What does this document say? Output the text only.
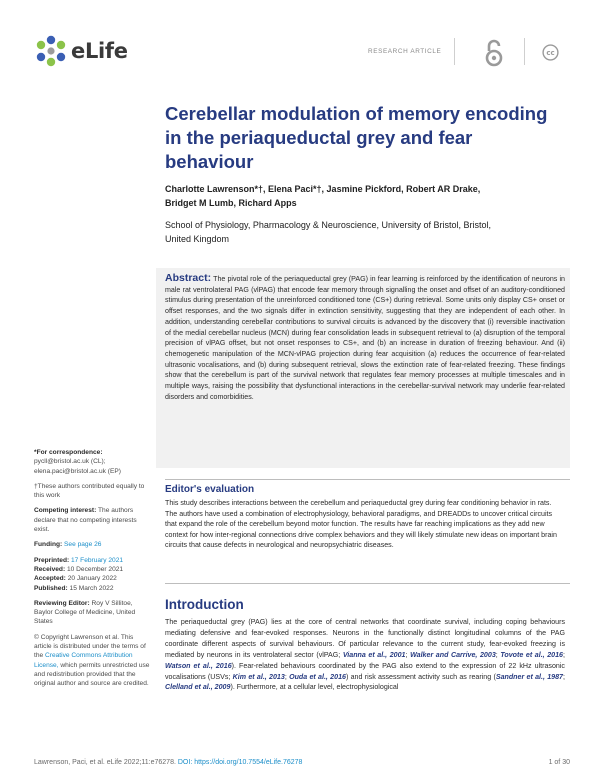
eLife	RESEARCH ARTICLE	cc
Cerebellar modulation of memory encoding in the periaqueductal grey and fear behaviour
Charlotte Lawrenson*†, Elena Paci*†, Jasmine Pickford, Robert AR Drake,
Bridget M Lumb, Richard Apps
School of Physiology, Pharmacology & Neuroscience, University of Bristol, Bristol,
United Kingdom
Abstract: The pivotal role of the periaqueductal grey (PAG) in fear learning is reinforced by the identification of neurons in male rat ventrolateral PAG (vlPAG) that encode fear memory through signalling the onset and offset of an auditory-conditioned stimulus during presentation of the unreinforced conditioned tone (CS+) during retrieval. Some units only display CS+ onset or offset responses, and the two signals differ in extinction sensitivity, suggesting that they are independent of each other. In addition, understanding cerebellar contributions to survival circuits is advanced by the discovery that (i) reversible inactivation of the medial cerebellar nucleus (MCN) during fear consolidation leads in subsequent retrieval to (a) disruption of the temporal precision of vlPAG offset, but not onset responses to CS+, and (b) an increase in duration of freezing behaviour. And (ii) chemogenetic manipulation of the MCN-vlPAG projection during fear acquisition (a) reduces the occurrence of fear-related ultrasonic vocalisations, and (b) during subsequent retrieval, slows the extinction rate of fear-related freezing. These findings show that the cerebellum is part of the survival network that regulates fear memory processes at multiple timescales and in multiple ways, raising the possibility that dysfunctional interactions in the cerebellar-survival network may underlie fear-related disorders and comorbidities.
Editor's evaluation
This study describes interactions between the cerebellum and periaqueductal grey during fear conditioning behavior in rats. The authors have used a combination of electrophysiology, behavioral paradigms, and DREADDs to uncover critical circuits that expand the role of the cerebellum beyond motor function. The results have far reaching implications as they add new context for how inter-regional connections drive complex behaviors and they will likely stimulate new ideas on important brain circuits that cause defects in neurological and neuropsychiatric diseases.
Introduction
The periaqueductal grey (PAG) lies at the core of central networks that coordinate survival, including coping behaviours mediating defensive and fear-evoked responses. Neurons in the functionally distinct longitudinal columns of the PAG coordinate different aspects of survival behaviours. Of particular relevance to the current study, fear-evoked freezing is mediated by neurons in its ventrolateral sector (vlPAG; Vianna et al., 2001; Walker and Carrive, 2003; Tovote et al., 2016; Watson et al., 2016). Fear-related behaviours coordinated by the PAG also extend to the expression of 22 kHz ultrasonic vocalisations (USVs; Kim et al., 2013; Ouda et al., 2016) and risk assessment activity such as rearing (Sandner et al., 1987; Clelland et al., 2009). Furthermore, at a cellular level, electrophysiological
*For correspondence:
pycll@bristol.ac.uk (CL);
elena.paci@bristol.ac.uk (EP)
†These authors contributed equally to this work
Competing interest: The authors declare that no competing interests exist.
Funding: See page 26
Preprinted: 17 February 2021
Received: 10 December 2021
Accepted: 20 January 2022
Published: 15 March 2022
Reviewing Editor: Roy V Sillitoe, Baylor College of Medicine, United States
© Copyright Lawrenson et al. This article is distributed under the terms of the Creative Commons Attribution License, which permits unrestricted use and redistribution provided that the original author and source are credited.
Lawrenson, Paci, et al. eLife 2022;11:e76278. DOI: https://doi.org/10.7554/eLife.76278	1 of 30
